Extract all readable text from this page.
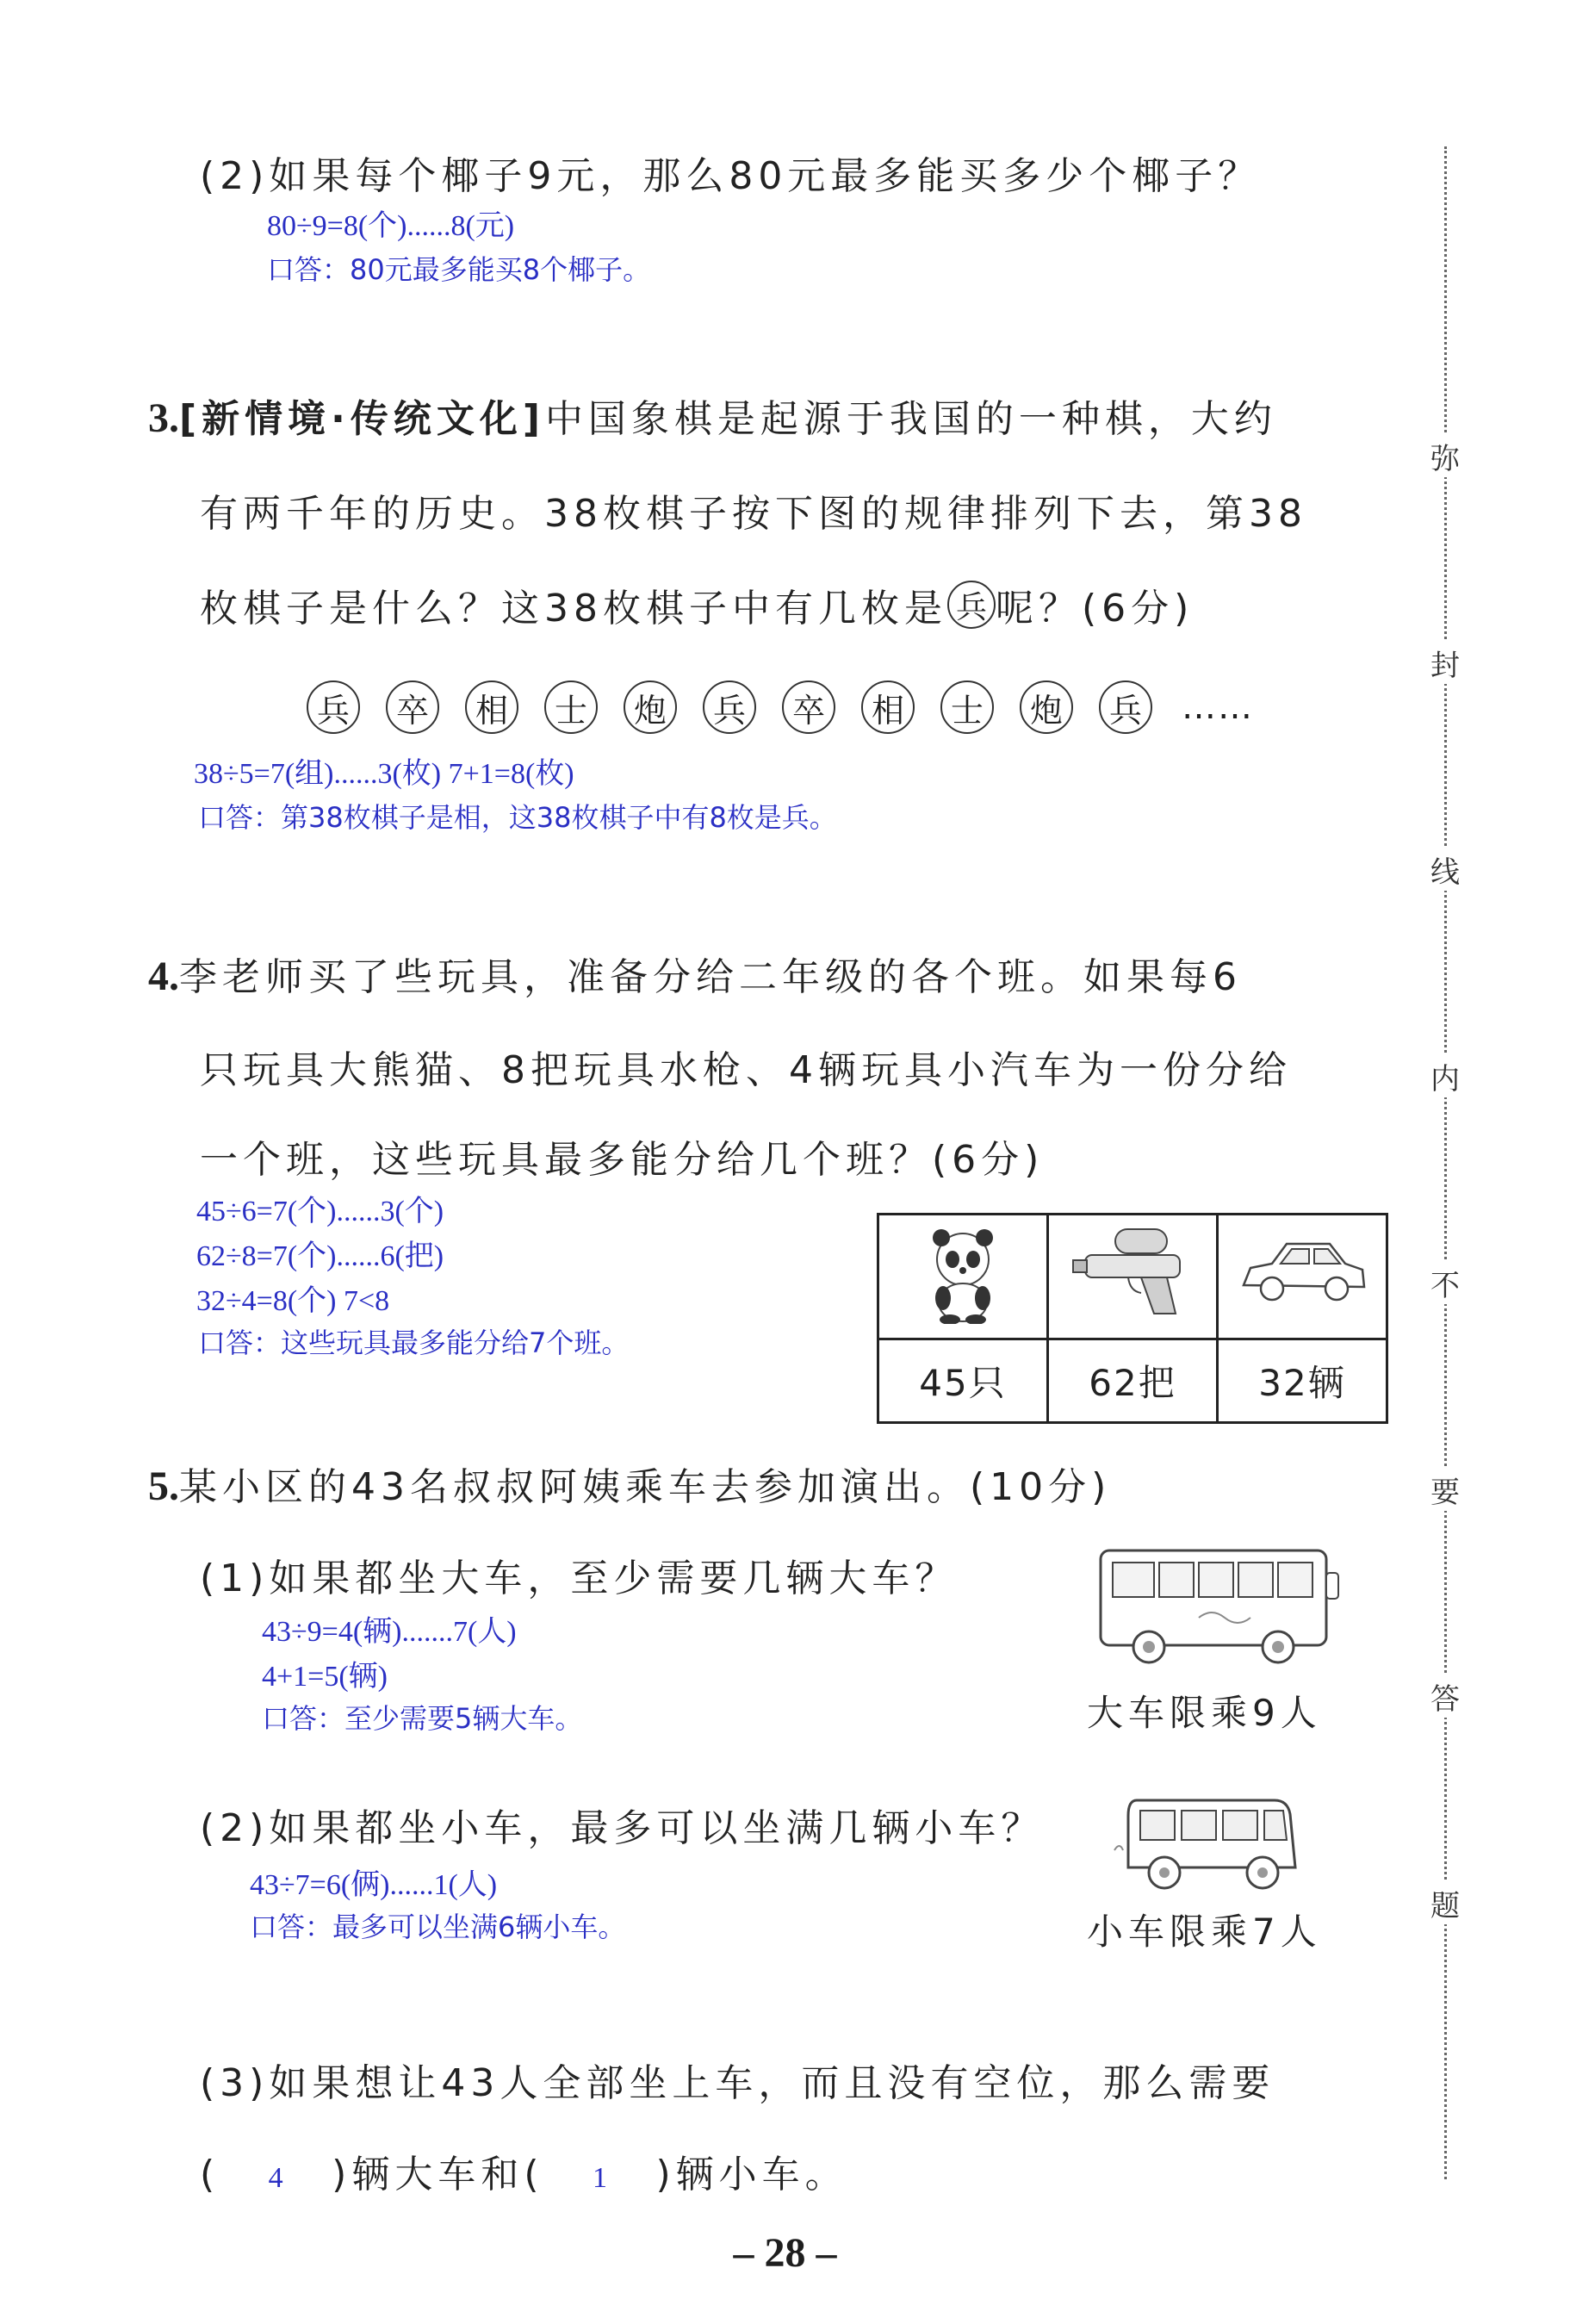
(2)如果每个椰子9元，那么80元最多能买多少个椰子？
80÷9=8(个)......8(元)
口答：80元最多能买8个椰子。
3.[新情境·传统文化]中国象棋是起源于我国的一种棋，大约
有两千年的历史。38枚棋子按下图的规律排列下去，第38
枚棋子是什么？这38枚棋子中有几枚是 兵 呢？(6分)
兵	卒	相	士	炮	兵	卒	相	士	炮	兵	……
38÷5=7(组)......3(枚) 7+1=8(枚)
口答：第38枚棋子是相，这38枚棋子中有8枚是兵。
4.李老师买了些玩具，准备分给二年级的各个班。如果每6
只玩具大熊猫、8把玩具水枪、4辆玩具小汽车为一份分给
一个班，这些玩具最多能分给几个班？(6分)
45÷6=7(个)......3(个)
62÷8=7(个)......6(把)
32÷4=8(个) 7<8
口答：这些玩具最多能分给7个班。

45只	62把	32辆
5.某小区的43名叔叔阿姨乘车去参加演出。(10分)
(1)如果都坐大车，至少需要几辆大车？
43÷9=4(辆).......7(人)
4+1=5(辆)
口答：至少需要5辆大车。	大车限乘9人
(2)如果都坐小车，最多可以坐满几辆小车？
43÷7=6(俩)......1(人)
口答：最多可以坐满6辆小车。	小车限乘7人
(3)如果想让43人全部坐上车，而且没有空位，那么需要
( 4 )辆大车和( 1 )辆小车。
弥
封
线
内
不
要
答
题
– 28 –
